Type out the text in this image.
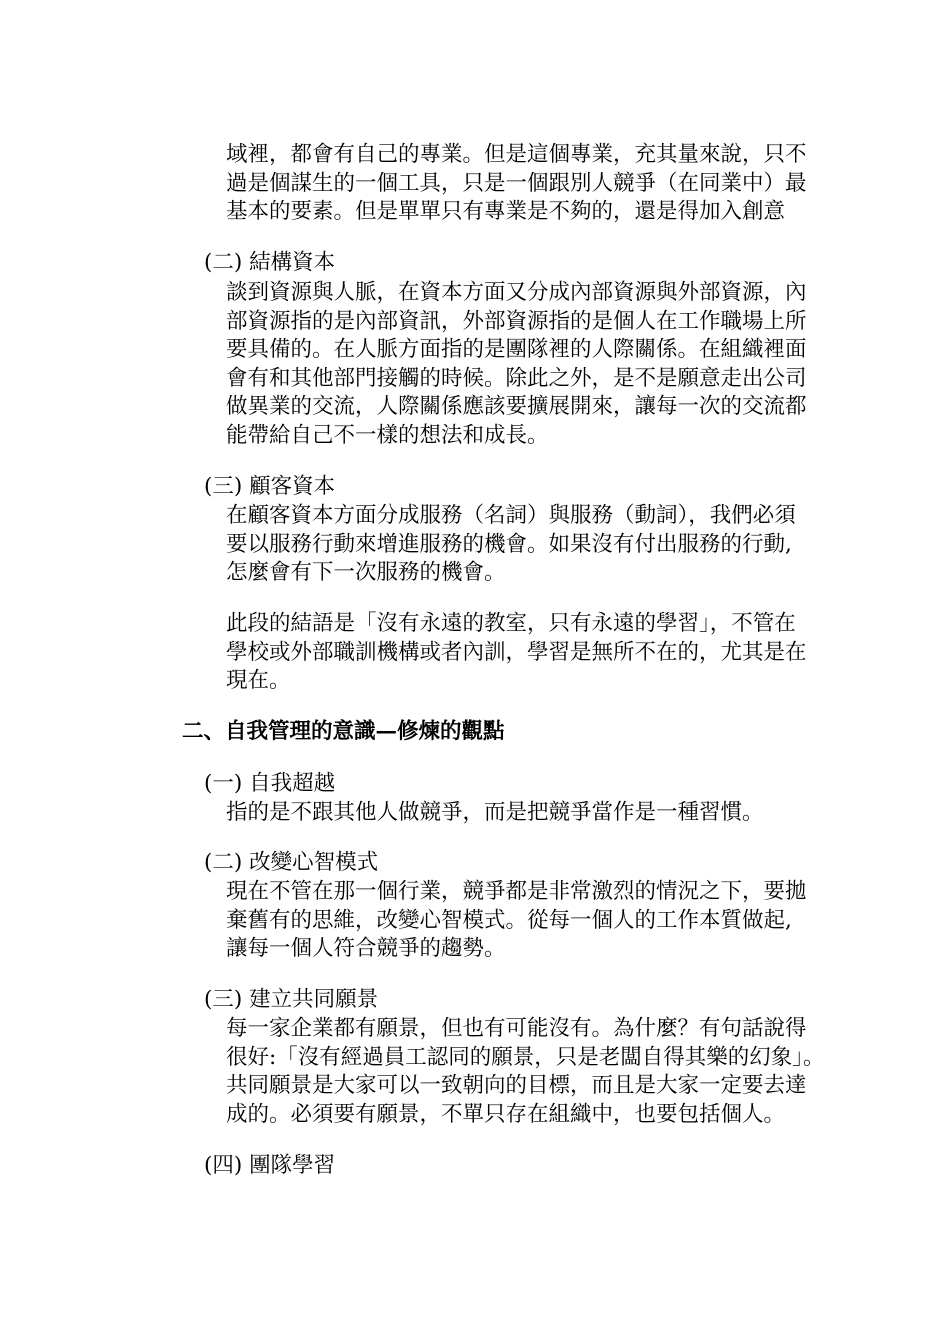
域裡，都會有自己的專業。但是這個專業，充其量來說，只不
過是個謀生的一個工具，只是一個跟別人競爭（在同業中）最
基本的要素。但是單單只有專業是不夠的，還是得加入創意
(二) 結構資本
談到資源與人脈，在資本方面又分成內部資源與外部資源，內
部資源指的是內部資訊，外部資源指的是個人在工作職場上所
要具備的。在人脈方面指的是團隊裡的人際關係。在組織裡面
會有和其他部門接觸的時候。除此之外，是不是願意走出公司
做異業的交流，人際關係應該要擴展開來，讓每一次的交流都
能帶給自己不一樣的想法和成長。
(三) 顧客資本
在顧客資本方面分成服務（名詞）與服務（動詞），我們必須
要以服務行動來增進服務的機會。如果沒有付出服務的行動,
怎麼會有下一次服務的機會。
此段的結語是「沒有永遠的教室，只有永遠的學習」，不管在
學校或外部職訓機構或者內訓，學習是無所不在的，尤其是在
現在。
二、自我管理的意識—修煉的觀點
(一) 自我超越
指的是不跟其他人做競爭，而是把競爭當作是一種習慣。
(二) 改變心智模式
現在不管在那一個行業，競爭都是非常激烈的情況之下，要拋
棄舊有的思維，改變心智模式。從每一個人的工作本質做起,
讓每一個人符合競爭的趨勢。
(三) 建立共同願景
每一家企業都有願景，但也有可能沒有。為什麼？有句話說得
很好:「沒有經過員工認同的願景，只是老闆自得其樂的幻象」。
共同願景是大家可以一致朝向的目標，而且是大家一定要去達
成的。必須要有願景，不單只存在組織中，也要包括個人。
(四) 團隊學習
